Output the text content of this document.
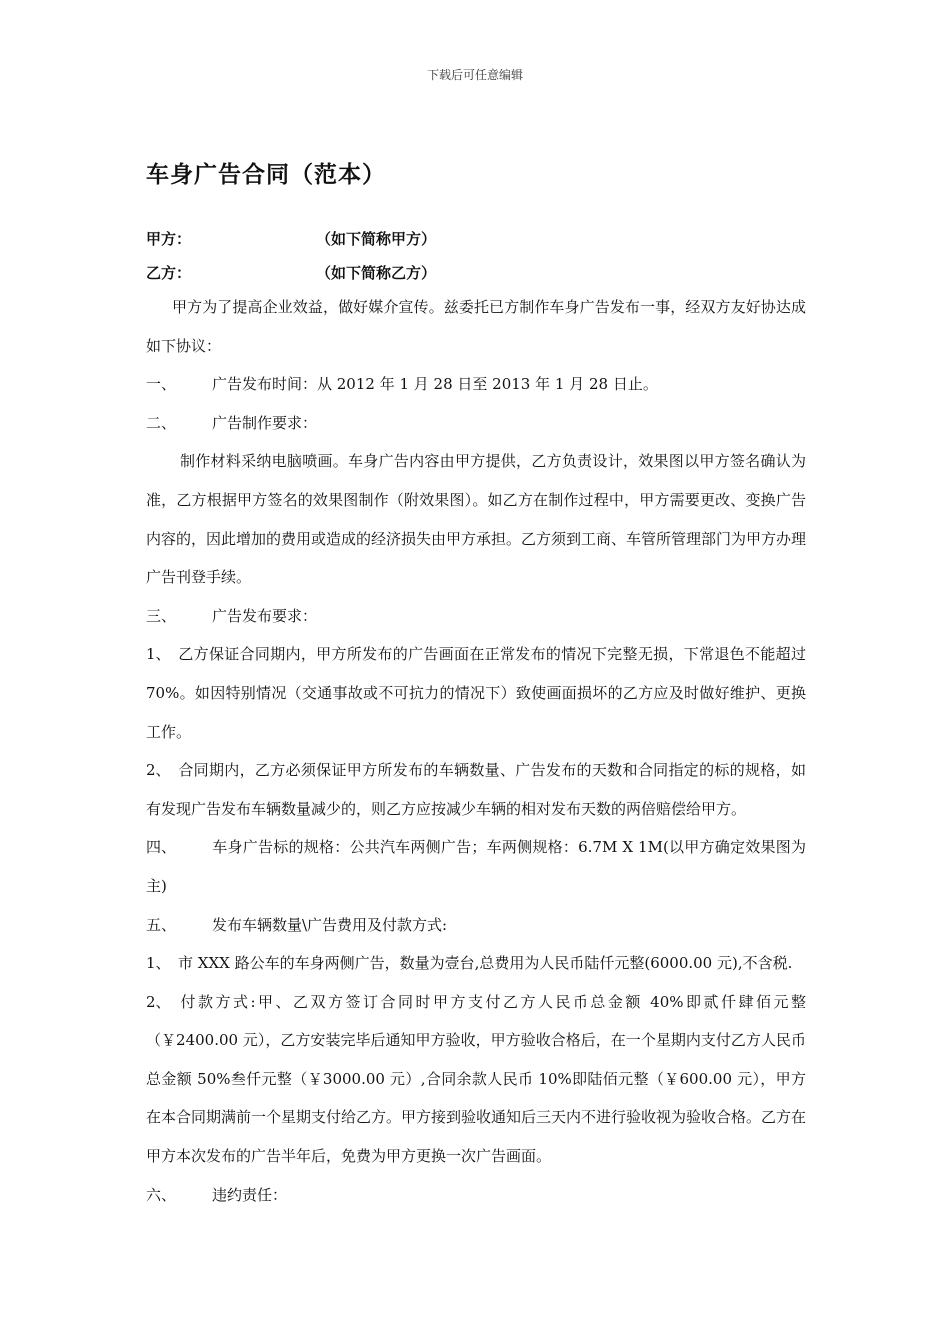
下载后可任意编辑
车身广告合同（范本）
甲方：	（如下简称甲方）
乙方：	（如下简称乙方）

甲方为了提高企业效益，做好媒介宣传。兹委托已方制作车身广告发布一事，经双方友好协达成如下协议：

一、	广告发布时间：从 2012 年 1 月 28 日至 2013 年 1 月 28 日止。

二、	广告制作要求：

制作材料采纳电脑喷画。车身广告内容由甲方提供，乙方负责设计，效果图以甲方签名确认为准，乙方根据甲方签名的效果图制作（附效果图）。如乙方在制作过程中，甲方需要更改、变换广告内容的，因此增加的费用或造成的经济损失由甲方承担。乙方须到工商、车管所管理部门为甲方办理广告刊登手续。

三、	广告发布要求：

1、 乙方保证合同期内，甲方所发布的广告画面在正常发布的情况下完整无损，下常退色不能超过 70%。如因特别情况（交通事故或不可抗力的情况下）致使画面损坏的乙方应及时做好维护、更换工作。

2、 合同期内，乙方必须保证甲方所发布的车辆数量、广告发布的天数和合同指定的标的规格，如有发现广告发布车辆数量减少的，则乙方应按减少车辆的相对发布天数的两倍赔偿给甲方。

四、 车身广告标的规格：公共汽车两侧广告；车两侧规格：6.7M X 1M(以甲方确定效果图为主)

五、	发布车辆数量\广告费用及付款方式:

1、 市 XXX 路公车的车身两侧广告，数量为壹台,总费用为人民币陆仟元整(6000.00 元),不含税.

2、 付款方式:甲、乙双方签订合同时甲方支付乙方人民币总金额 40%即贰仟肆佰元整（￥2400.00 元），乙方安装完毕后通知甲方验收，甲方验收合格后，在一个星期内支付乙方人民币总金额 50%叁仟元整（￥3000.00 元）,合同余款人民币 10%即陆佰元整（￥600.00 元），甲方在本合同期满前一个星期支付给乙方。甲方接到验收通知后三天内不进行验收视为验收合格。乙方在甲方本次发布的广告半年后，免费为甲方更换一次广告画面。

六、	违约责任：
